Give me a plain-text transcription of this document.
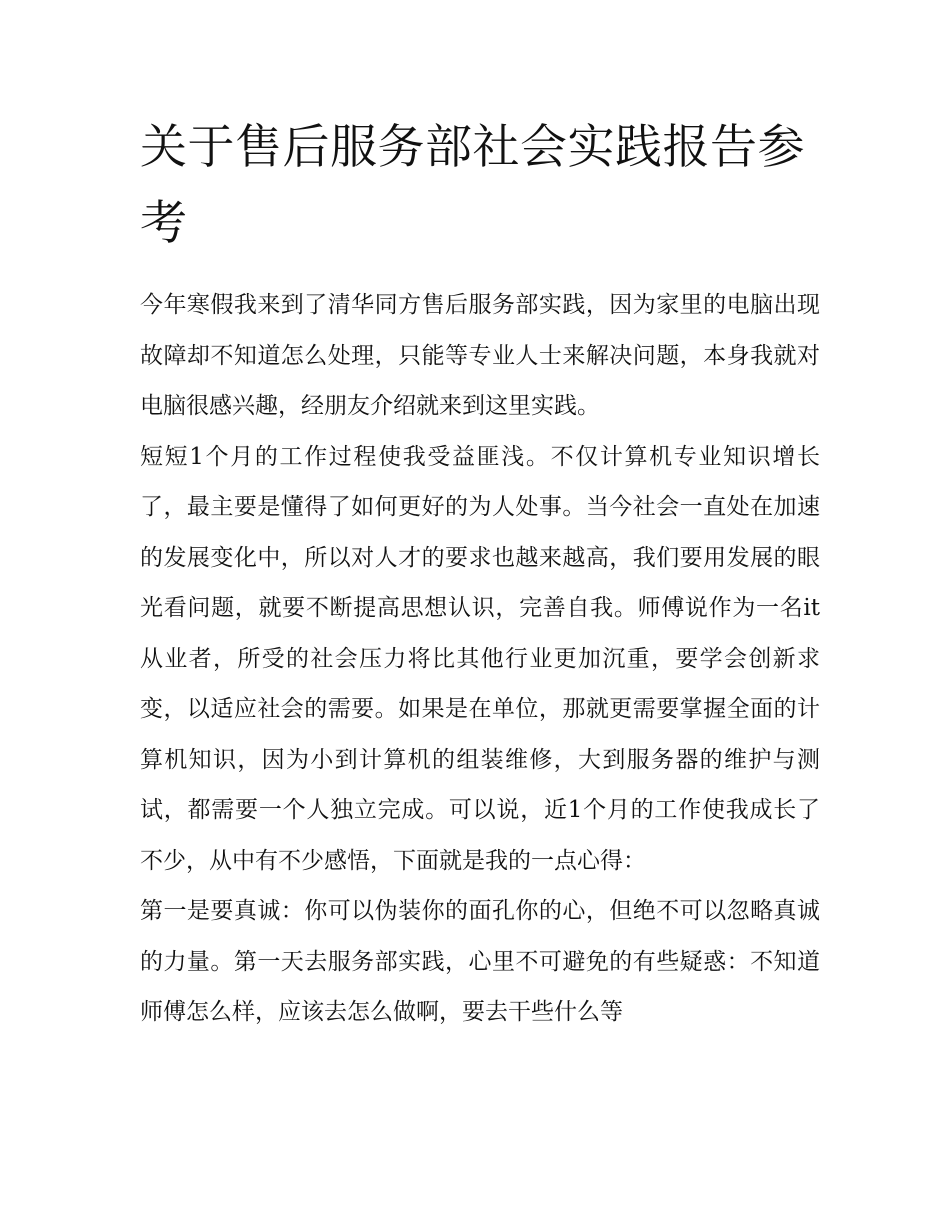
关于售后服务部社会实践报告参考

今年寒假我来到了清华同方售后服务部实践，因为家里的电脑出现故障却不知道怎么处理，只能等专业人士来解决问题，本身我就对电脑很感兴趣，经朋友介绍就来到这里实践。

短短1个月的工作过程使我受益匪浅。不仅计算机专业知识增长了，最主要是懂得了如何更好的为人处事。当今社会一直处在加速的发展变化中，所以对人才的要求也越来越高，我们要用发展的眼光看问题，就要不断提高思想认识，完善自我。师傅说作为一名it从业者，所受的社会压力将比其他行业更加沉重，要学会创新求变，以适应社会的需要。如果是在单位，那就更需要掌握全面的计算机知识，因为小到计算机的组装维修，大到服务器的维护与测试，都需要一个人独立完成。可以说，近1个月的工作使我成长了不少，从中有不少感悟，下面就是我的一点心得：

第一是要真诚：你可以伪装你的面孔你的心，但绝不可以忽略真诚的力量。第一天去服务部实践，心里不可避免的有些疑惑：不知道师傅怎么样，应该去怎么做啊，要去干些什么等
